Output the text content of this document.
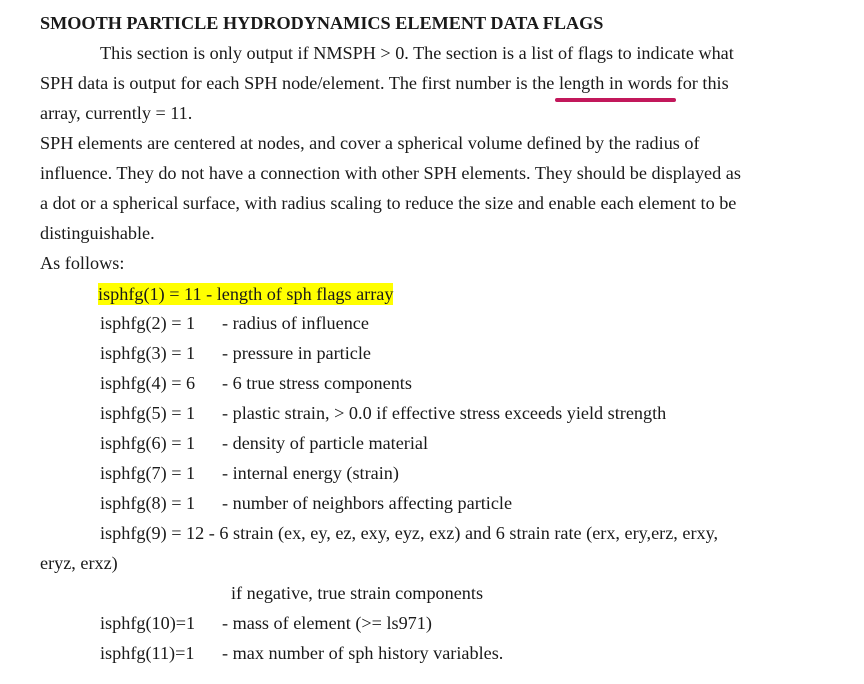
SMOOTH PARTICLE HYDRODYNAMICS ELEMENT DATA FLAGS
This section is only output if NMSPH > 0. The section is a list of flags to indicate what
SPH data is output for each SPH node/element. The first number is the length in words for this
array, currently = 11.
SPH elements are centered at nodes, and cover a spherical volume defined by the radius of
influence. They do not have a connection with other SPH elements. They should be displayed as
a dot or a spherical surface, with radius scaling to reduce the size and enable each element to be
distinguishable.
As follows:
isphfg(1) = 11 - length of sph flags array
isphfg(2) = 1 - radius of influence
isphfg(3) = 1 - pressure in particle
isphfg(4) = 6 - 6 true stress components
isphfg(5) = 1 - plastic strain, > 0.0 if effective stress exceeds yield strength
isphfg(6) = 1 - density of particle material
isphfg(7) = 1 - internal energy (strain)
isphfg(8) = 1 - number of neighbors affecting particle
isphfg(9) = 12 - 6 strain (ex, ey, ez, exy, eyz, exz) and 6 strain rate (erx, ery,erz, erxy,
eryz, erxz)
if negative, true strain components
isphfg(10)=1 - mass of element (>= ls971)
isphfg(11)=1 - max number of sph history variables.
